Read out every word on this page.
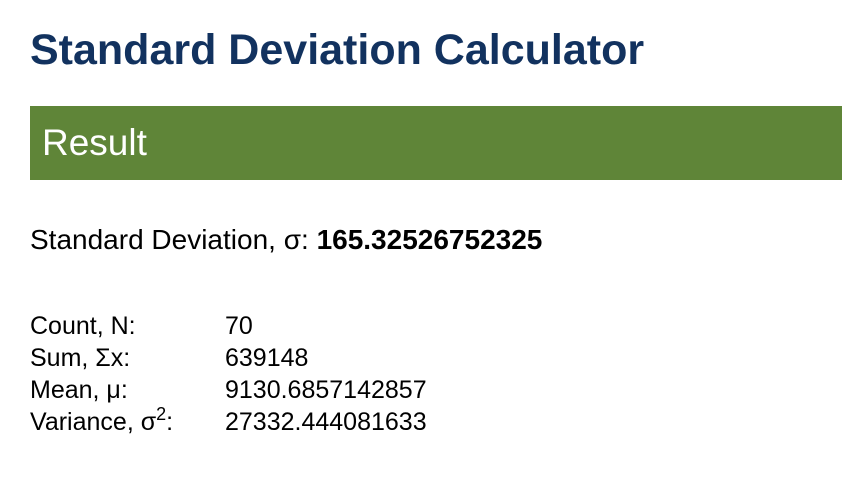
Standard Deviation Calculator
Result
Standard Deviation, σ: 165.32526752325
Count, N:	70
Sum, Σx:	639148
Mean, μ:	9130.6857142857
Variance, $\sigma^2$:	27332.444081633
